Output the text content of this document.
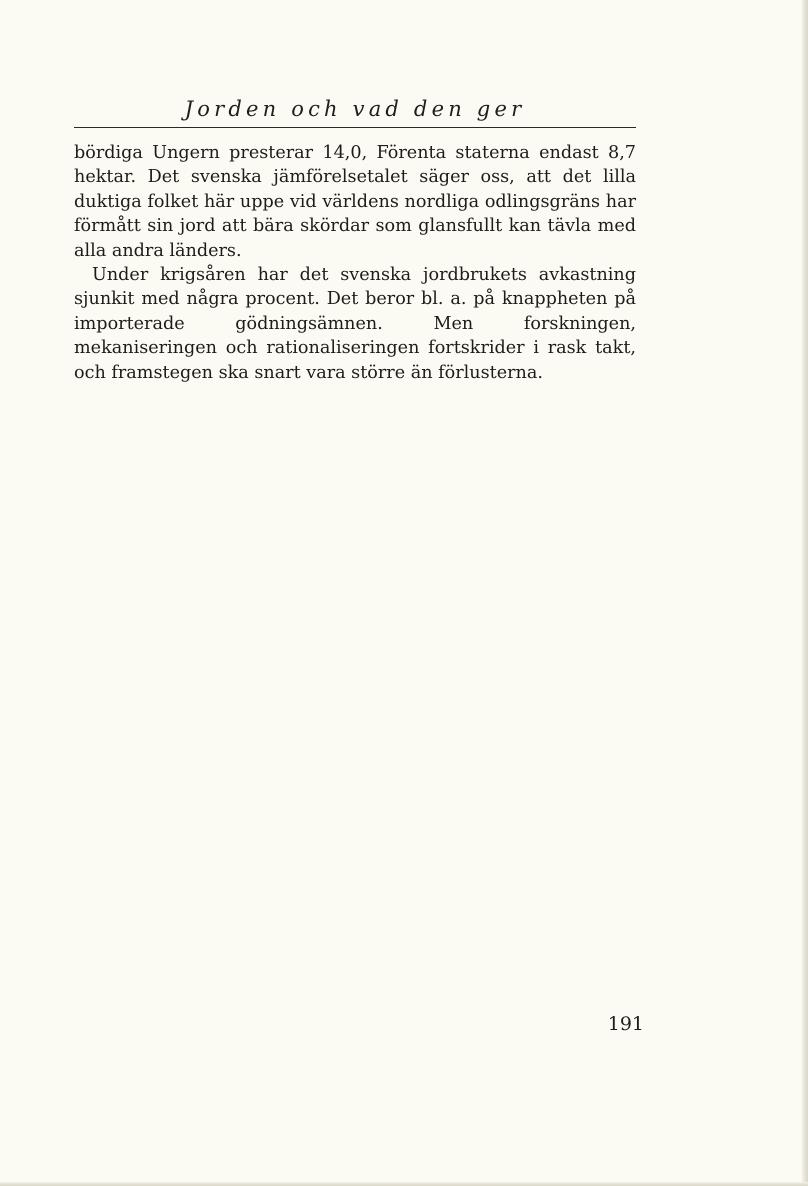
Jorden och vad den ger

bördiga Ungern presterar 14,0, Förenta staterna endast 8,7 hektar. Det svenska jämförelsetalet säger oss, att det lilla duktiga folket här uppe vid världens nordliga odlingsgräns har förmått sin jord att bära skördar som glansfullt kan tävla med alla andra länders.

Under krigsåren har det svenska jordbrukets avkastning sjunkit med några procent. Det beror bl. a. på knappheten på importerade gödningsämnen. Men forskningen, mekaniseringen och rationaliseringen fortskrider i rask takt, och framstegen ska snart vara större än förlusterna.

191
